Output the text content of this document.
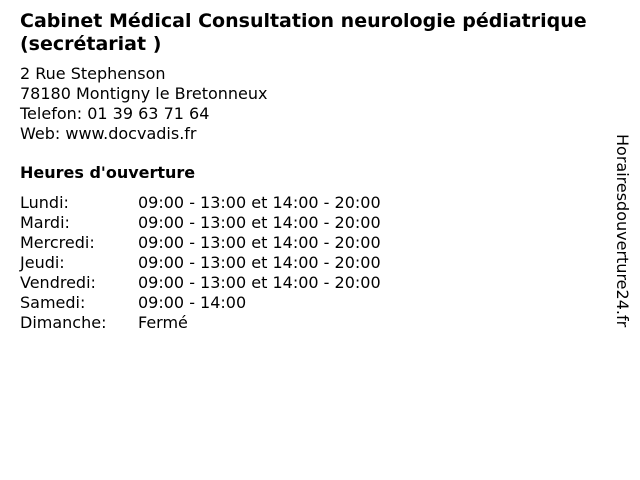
Cabinet Médical Consultation neurologie pédiatrique (secrétariat )
2 Rue Stephenson
78180 Montigny le Bretonneux
Telefon: 01 39 63 71 64
Web: www.docvadis.fr
Heures d'ouverture
Lundi:	09:00 - 13:00 et 14:00 - 20:00
Mardi:	09:00 - 13:00 et 14:00 - 20:00
Mercredi:	09:00 - 13:00 et 14:00 - 20:00
Jeudi:	09:00 - 13:00 et 14:00 - 20:00
Vendredi:	09:00 - 13:00 et 14:00 - 20:00
Samedi:	09:00 - 14:00
Dimanche:	Fermé	Horairesdouverture24.fr
